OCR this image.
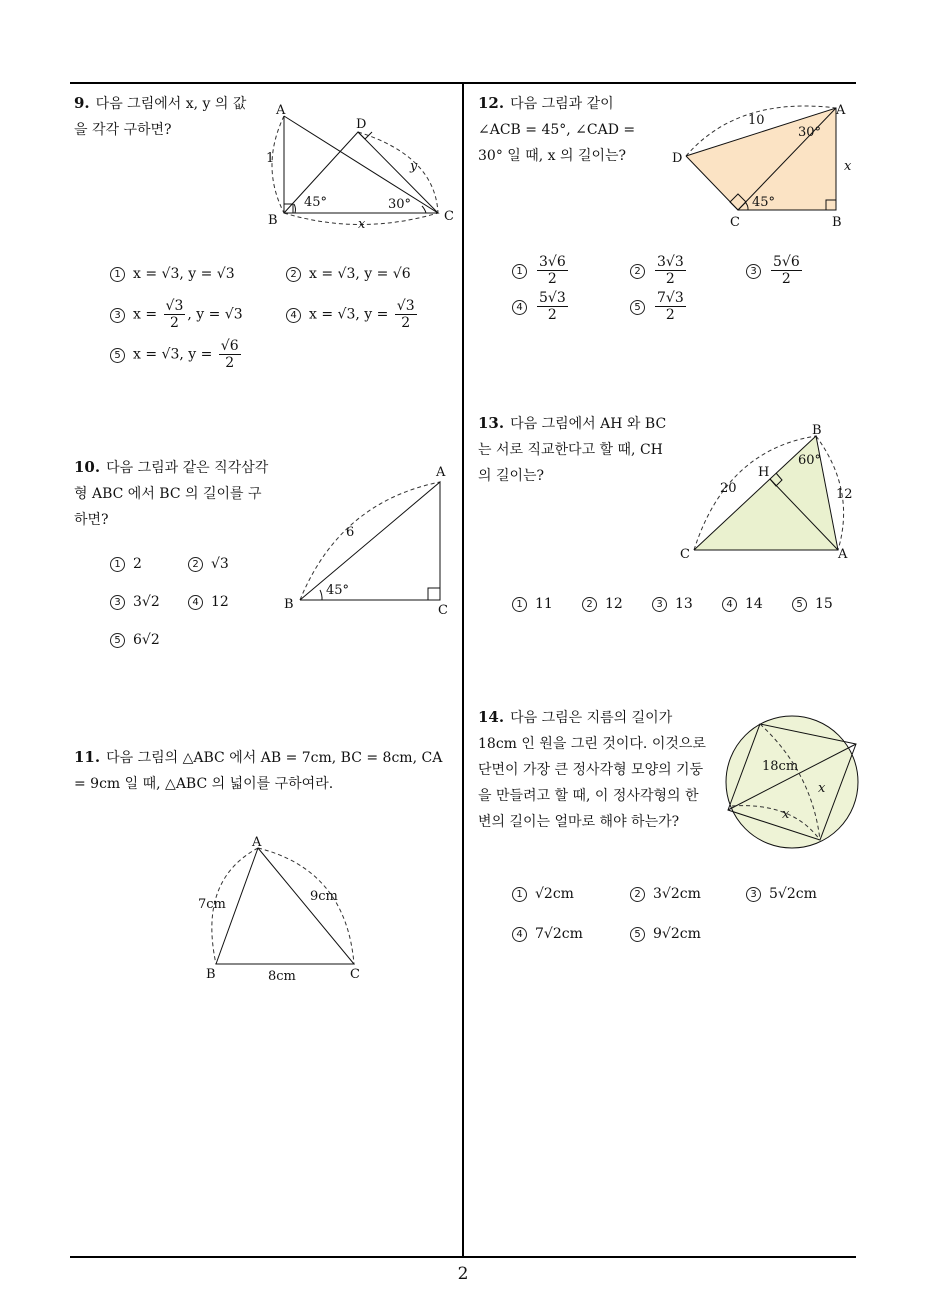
9. 다음 그림에서 x, y 의 값을 각각 구하면?
A
D
B	C
1
y
x
45°	30°
1 x = √3, y = √3	2 x = √3, y = √6
3 $x = \frac{√3}{2}$ , y = √3	4 x = √3, $y = \frac{√3}{2}$
5 x = √3, $y = \frac{√6}{2}$
10. 다음 그림과 같은 직각삼각형 ABC 에서 BC 의 길이를 구하면?
A
B	C
6
45°
1 2	2 √3
3 3√2	4 12
5 6√2
11. 다음 그림의 △ABC 에서 AB = 7cm, BC = 8cm, CA = 9cm 일 때, △ABC 의 넓이를 구하여라.
A
B	C
7cm
9cm
8cm
12. 다음 그림과 같이 ∠ACB = 45°, ∠CAD = 30° 일 때, x 의 길이는?
A
D
C	B
10
x
30°
45°
$1 \frac{3√6}{2}$	$2 \frac{3√3}{2}$	$3 \frac{5√6}{2}$
$4 \frac{5√3}{2}$	$5 \frac{7√3}{2}$
13. 다음 그림에서 AH 와 BC 는 서로 직교한다고 할 때, CH 의 길이는?
B
H
C	A
20	12
60°
1 11	2 12	3 13	4 14	5 15
14. 다음 그림은 지름의 길이가 18cm 인 원을 그린 것이다. 이것으로 단면이 가장 큰 정사각형 모양의 기둥을 만들려고 할 때, 이 정사각형의 한 변의 길이는 얼마로 해야 하는가?
18cm
x
x
1 √2cm	2 3√2cm	3 5√2cm
4 7√2cm	5 9√2cm
2
